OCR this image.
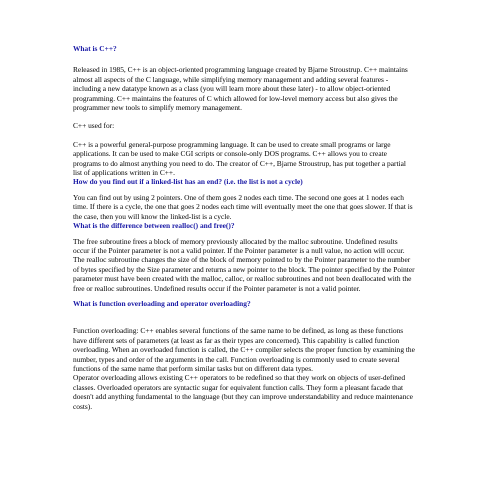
What is C++?

Released in 1985, C++ is an object-oriented programming language created by Bjarne Stroustrup. C++ maintains almost all aspects of the C language, while simplifying memory management and adding several features - including a new datatype known as a class (you will learn more about these later) - to allow object-oriented programming. C++ maintains the features of C which allowed for low-level memory access but also gives the programmer new tools to simplify memory management.

C++ used for:

C++ is a powerful general-purpose programming language. It can be used to create small programs or large applications. It can be used to make CGI scripts or console-only DOS programs. C++ allows you to create programs to do almost anything you need to do. The creator of C++, Bjarne Stroustrup, has put together a partial list of applications written in C++.

How do you find out if a linked-list has an end? (i.e. the list is not a cycle)

You can find out by using 2 pointers. One of them goes 2 nodes each time. The second one goes at 1 nodes each time. If there is a cycle, the one that goes 2 nodes each time will eventually meet the one that goes slower. If that is the case, then you will know the linked-list is a cycle.

What is the difference between realloc() and free()?

The free subroutine frees a block of memory previously allocated by the malloc subroutine. Undefined results occur if the Pointer parameter is not a valid pointer. If the Pointer parameter is a null value, no action will occur. The realloc subroutine changes the size of the block of memory pointed to by the Pointer parameter to the number of bytes specified by the Size parameter and returns a new pointer to the block. The pointer specified by the Pointer parameter must have been created with the malloc, calloc, or realloc subroutines and not been deallocated with the free or realloc subroutines. Undefined results occur if the Pointer parameter is not a valid pointer.

What is function overloading and operator overloading?

Function overloading: C++ enables several functions of the same name to be defined, as long as these functions have different sets of parameters (at least as far as their types are concerned). This capability is called function overloading. When an overloaded function is called, the C++ compiler selects the proper function by examining the number, types and order of the arguments in the call. Function overloading is commonly used to create several functions of the same name that perform similar tasks but on different data types.

Operator overloading allows existing C++ operators to be redefined so that they work on objects of user-defined classes. Overloaded operators are syntactic sugar for equivalent function calls. They form a pleasant facade that doesn't add anything fundamental to the language (but they can improve understandability and reduce maintenance costs).
